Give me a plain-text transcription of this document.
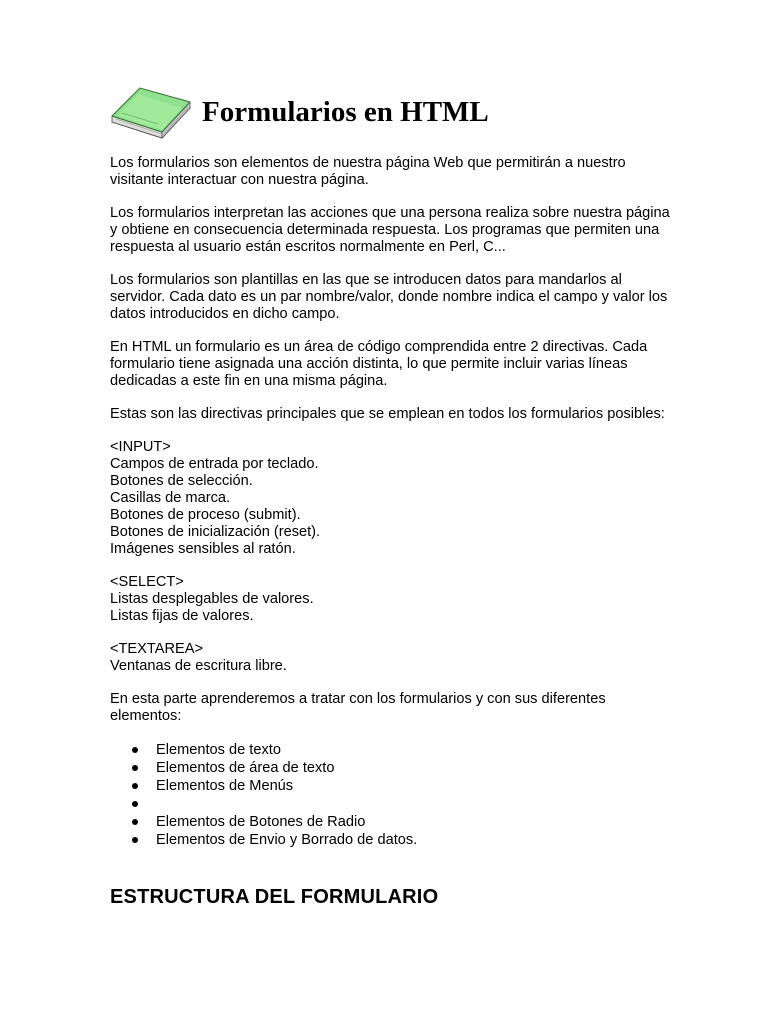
Formularios en HTML

Los formularios son elementos de nuestra página Web que permitirán a nuestro visitante interactuar con nuestra página.

Los formularios interpretan las acciones que una persona realiza sobre nuestra página y obtiene en consecuencia determinada respuesta. Los programas que permiten una respuesta al usuario están escritos normalmente en Perl, C...

Los formularios son plantillas en las que se introducen datos para mandarlos al servidor. Cada dato es un par nombre/valor, donde nombre indica el campo y valor los datos introducidos en dicho campo.

En HTML un formulario es un área de código comprendida entre 2 directivas. Cada formulario tiene asignada una acción distinta, lo que permite incluir varias líneas dedicadas a este fin en una misma página.

Estas son las directivas principales que se emplean en todos los formularios posibles:

<INPUT>

Campos de entrada por teclado.

Botones de selección.

Casillas de marca.

Botones de proceso (submit).

Botones de inicialización (reset).

Imágenes sensibles al ratón.

<SELECT>

Listas desplegables de valores.

Listas fijas de valores.

<TEXTAREA>

Ventanas de escritura libre.

En esta parte aprenderemos a tratar con los formularios y con sus diferentes elementos:

Elementos de texto
Elementos de área de texto
Elementos de Menús
Elementos de Botones de Radio
Elementos de Envio y Borrado de datos.
ESTRUCTURA DEL FORMULARIO
